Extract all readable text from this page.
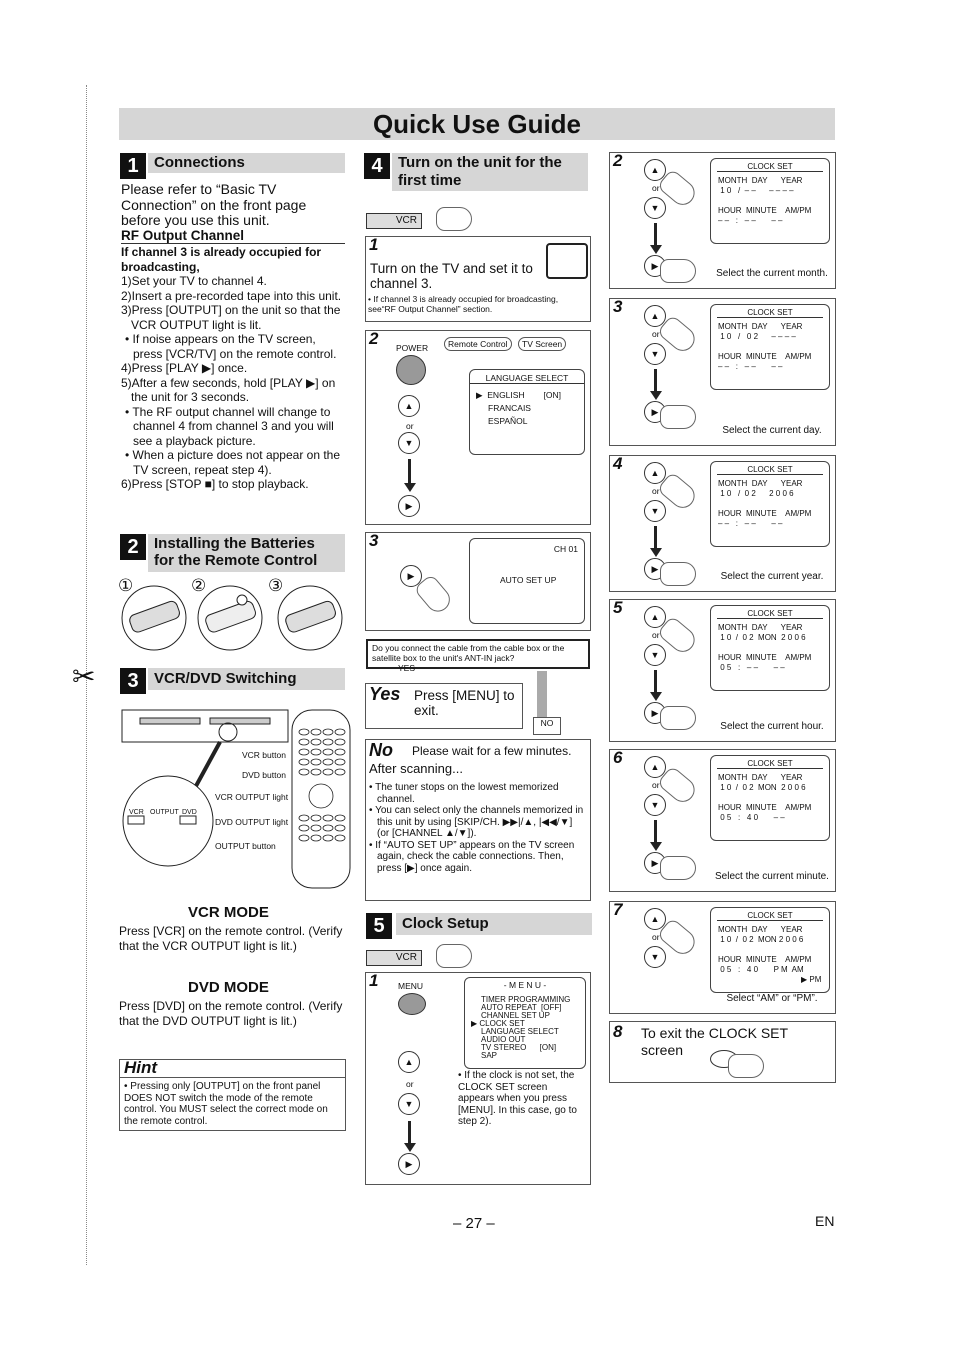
✂
Quick Use Guide
1	Connections
Please refer to “Basic TV Connection” on the front page before you use this unit.
RF Output Channel
If channel 3 is already occupied for broadcasting,
1)Set your TV to channel 4.
2)Insert a pre-recorded tape into this unit.
3)Press [OUTPUT] on the unit so that the VCR OUTPUT light is lit.
• If noise appears on the TV screen, press [VCR/TV] on the remote control.
4)Press [PLAY ▶] once.
5)After a few seconds, hold [PLAY ▶] on the unit for 3 seconds.
• The RF output channel will change to channel 4 from channel 3 and you will see a playback picture.
• When a picture does not appear on the TV screen, repeat step 4).
6)Press [STOP ■] to stop playback.
2	Installing the Batteries for the Remote Control
①	②	③
3	VCR/DVD Switching
VCR OUTPUT DVD
VCR button
DVD button
VCR OUTPUT light
DVD OUTPUT light
OUTPUT button
VCR MODE
Press [VCR] on the remote control. (Verify that the VCR OUTPUT light is lit.)
DVD MODE
Press [DVD] on the remote control. (Verify that the DVD OUTPUT light is lit.)
Hint
• Pressing only [OUTPUT] on the front panel DOES NOT switch the mode of the remote control. You MUST select the correct mode on the remote control.
4	Turn on the unit for the first time
VCR
1
Turn on the TV and set it to channel 3.
• If channel 3 is already occupied for broadcasting, see“RF Output Channel” section.
2 POWER	Remote Control	TV Screen
▲
or
▼
▶
LANGUAGE SELECT
▶  ENGLISH        [ON]
FRANCAIS
ESPAÑOL
3
▶
CH 01
AUTO SET UP
Do you connect the cable from the cable box or the satellite box to the unit's ANT-IN jack?
YES
NO
Yes Press [MENU] to exit.
No Please wait for a few minutes.
After scanning...
• The tuner stops on the lowest memorized channel.
• You can select only the channels memorized in this unit by using [SKIP/CH. ▶▶|/▲, |◀◀/▼] (or [CHANNEL ▲/▼]).
• If “AUTO SET UP” appears on the TV screen again, check the cable connections. Then, press [▶] once again.
5	Clock Setup
VCR
1 MENU
▲
or
▼
▶
- M E N U -
TIMER PROGRAMMING
AUTO REPEAT  [OFF]
CHANNEL SET UP
▶ CLOCK SET
LANGUAGE SELECT
AUDIO OUT
TV STEREO      [ON]
SAP
• If the clock is not set, the CLOCK SET screen appears when you press [MENU]. In this case, go to step 2).
2	▲
or
▼
▶
CLOCK SET
MONTH  DAY      YEAR
1 0   /  – –      – – – –
HOUR  MINUTE    AM/PM
– –   :   – –       – –
Select the current month.
3	▲
or
▼
▶
CLOCK SET
MONTH  DAY      YEAR
1 0   /   0 2      – – – –
HOUR  MINUTE    AM/PM
– –   :   – –       – –
Select the current day.
4	▲
or
▼
▶
CLOCK SET
MONTH  DAY      YEAR
1 0   /  0 2      2 0 0 6
HOUR  MINUTE    AM/PM
– –   :   – –       – –
Select the current year.
5	▲
or
▼
▶
CLOCK SET
MONTH  DAY      YEAR
1 0  /  0 2  MON  2 0 0 6
HOUR  MINUTE    AM/PM
0 5   :   – –       – –
Select the current hour.
6	▲
or
▼
▶
CLOCK SET
MONTH  DAY      YEAR
1 0  /  0 2  MON  2 0 0 6
HOUR  MINUTE    AM/PM
0 5   :   4 0       – –
Select the current minute.
7	▲
or
▼
CLOCK SET
MONTH  DAY      YEAR
1 0  /  0 2  MON 2 0 0 6
HOUR  MINUTE    AM/PM
0 5   :   4 0       P M  AM
▶ PM
Select “AM” or “PM”.
8 To exit the CLOCK SET screen
– 27 –	EN
